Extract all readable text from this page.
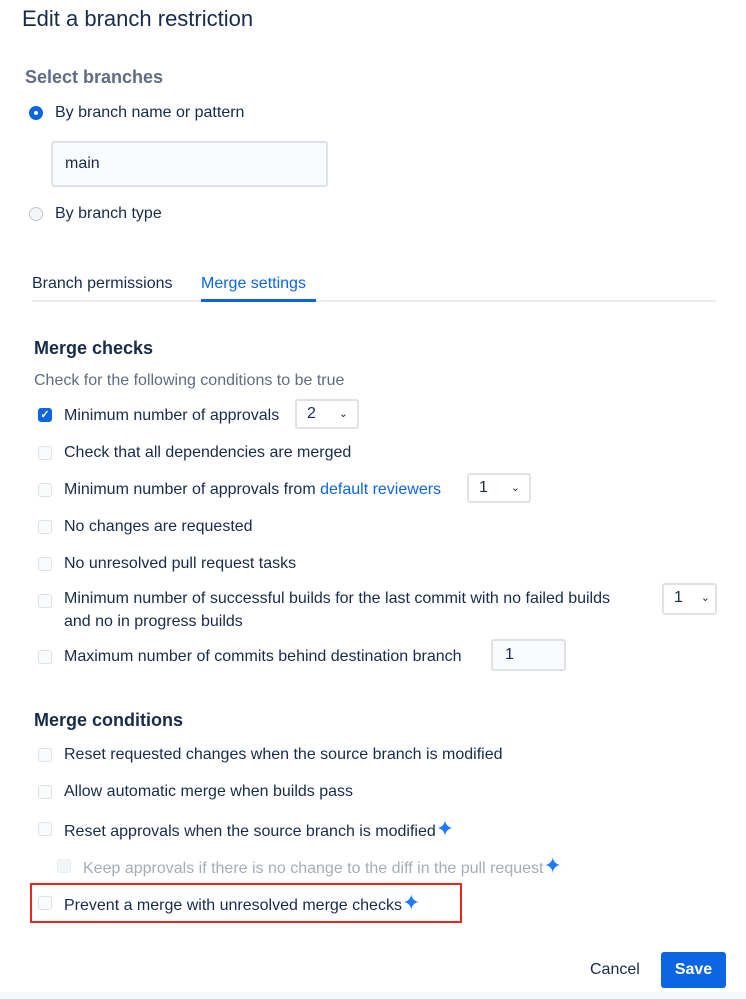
Edit a branch restriction
Select branches
By branch name or pattern
main
By branch type
Branch permissions Merge settings
Merge checks
Check for the following conditions to be true
✓ Minimum number of approvals	2 ⌄
Check that all dependencies are merged
Minimum number of approvals from default reviewers	1 ⌄
No changes are requested
No unresolved pull request tasks
Minimum number of successful builds for the last commit with no failed builds
and no in progress builds
1 ⌄
Maximum number of commits behind destination branch	1
Merge conditions
Reset requested changes when the source branch is modified
Allow automatic merge when builds pass
Reset approvals when the source branch is modified✦
Keep approvals if there is no change to the diff in the pull request✦
Prevent a merge with unresolved merge checks✦
Cancel	Save
